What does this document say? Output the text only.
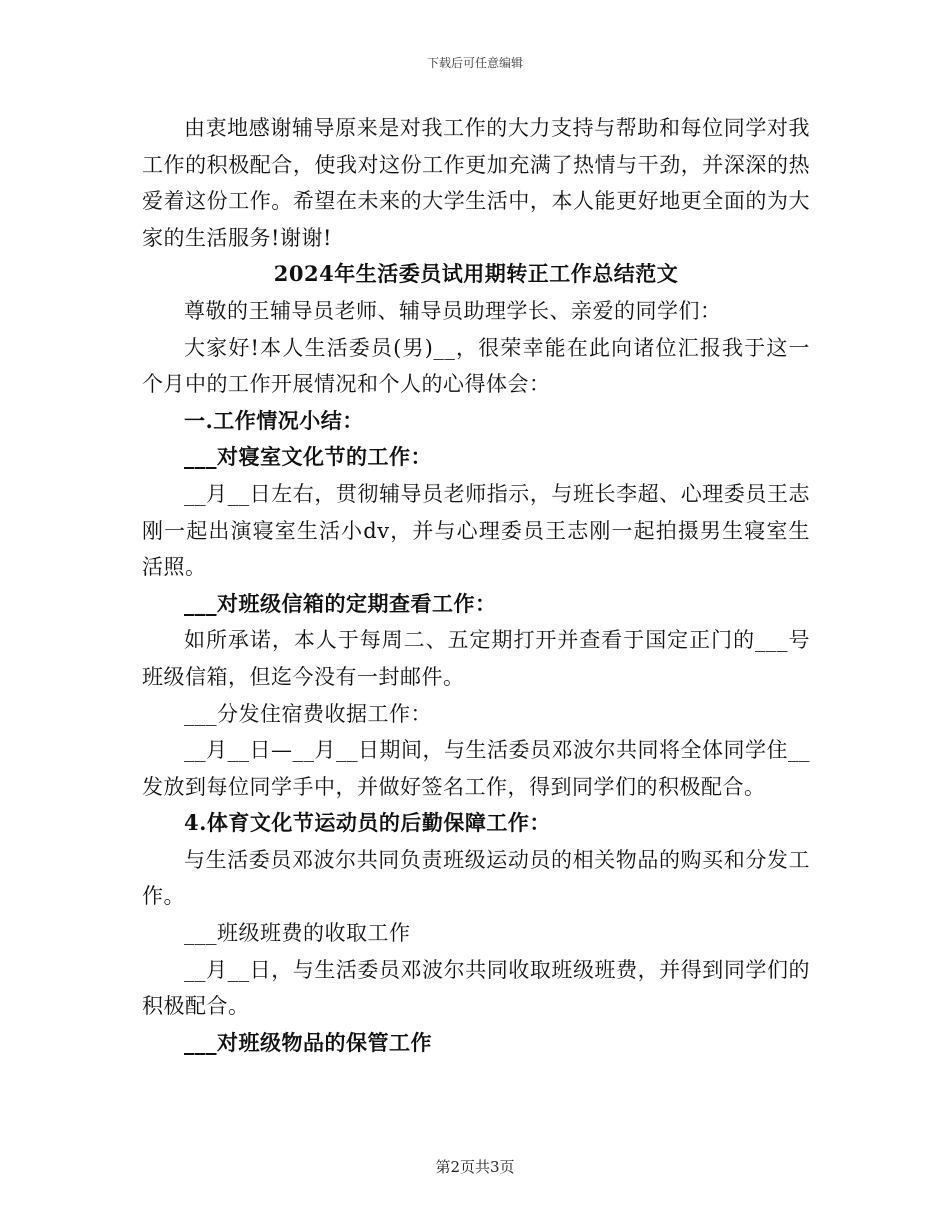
下载后可任意编辑

由衷地感谢辅导原来是对我工作的大力支持与帮助和每位同学对我工作的积极配合，使我对这份工作更加充满了热情与干劲，并深深的热爱着这份工作。希望在未来的大学生活中，本人能更好地更全面的为大家的生活服务!谢谢!

2024年生活委员试用期转正工作总结范文

尊敬的王辅导员老师、辅导员助理学长、亲爱的同学们：

大家好!本人生活委员(男)__，很荣幸能在此向诸位汇报我于这一个月中的工作开展情况和个人的心得体会：

一.工作情况小结：

___对寝室文化节的工作：

__月__日左右，贯彻辅导员老师指示，与班长李超、心理委员王志刚一起出演寝室生活小dv，并与心理委员王志刚一起拍摄男生寝室生活照。

___对班级信箱的定期查看工作：

如所承诺，本人于每周二、五定期打开并查看于国定正门的___号班级信箱，但迄今没有一封邮件。

___分发住宿费收据工作：

__月__日—__月__日期间，与生活委员邓波尔共同将全体同学住__发放到每位同学手中，并做好签名工作，得到同学们的积极配合。

4.体育文化节运动员的后勤保障工作：

与生活委员邓波尔共同负责班级运动员的相关物品的购买和分发工作。

___班级班费的收取工作

__月__日，与生活委员邓波尔共同收取班级班费，并得到同学们的积极配合。

___对班级物品的保管工作

第2页共3页
